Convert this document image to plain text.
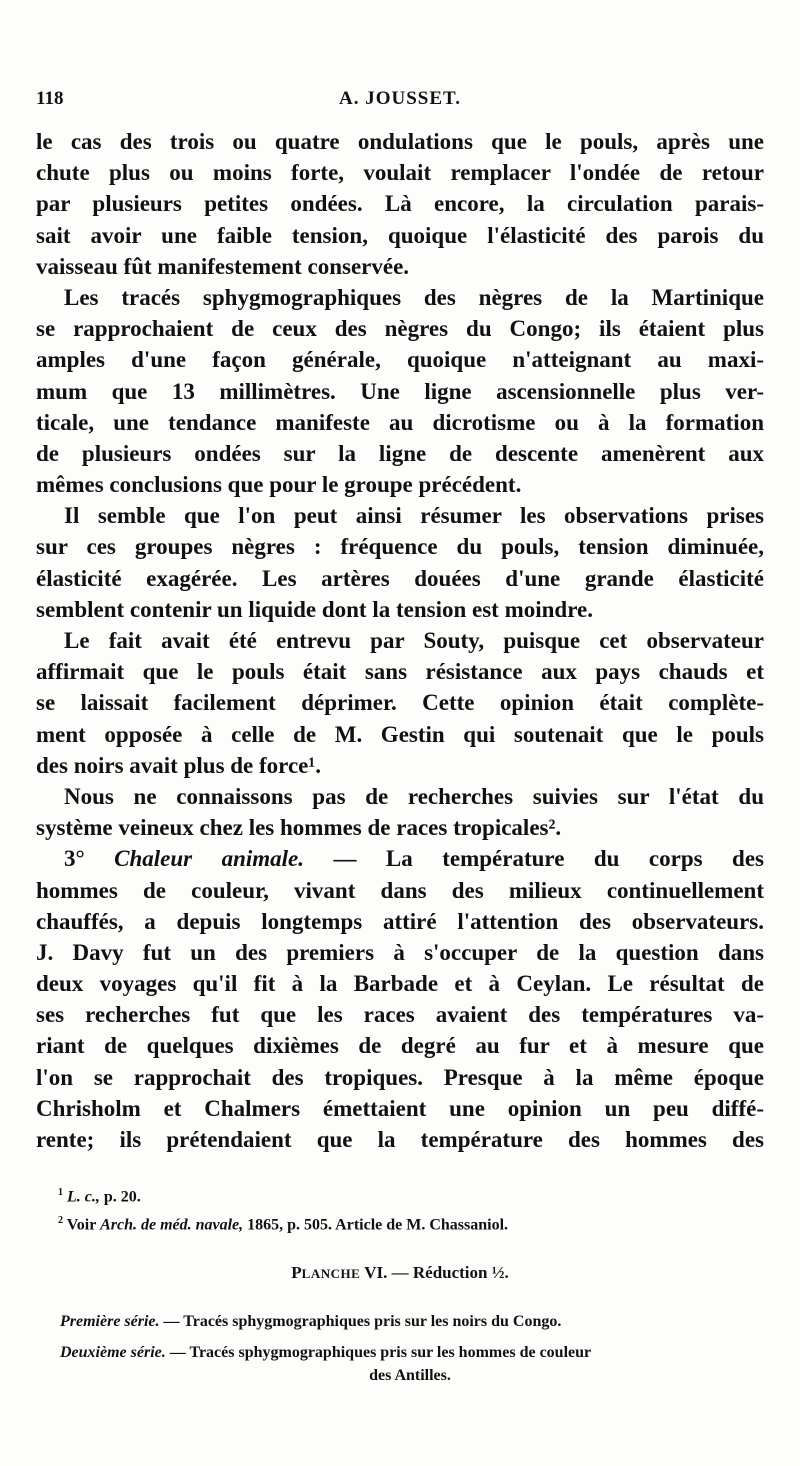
118	A. JOUSSET.
le cas des trois ou quatre ondulations que le pouls, après une
chute plus ou moins forte, voulait remplacer l'ondée de retour
par plusieurs petites ondées. Là encore, la circulation parais-
sait avoir une faible tension, quoique l'élasticité des parois du
vaisseau fût manifestement conservée.
Les tracés sphygmographiques des nègres de la Martinique
se rapprochaient de ceux des nègres du Congo; ils étaient plus
amples d'une façon générale, quoique n'atteignant au maxi-
mum que 13 millimètres. Une ligne ascensionnelle plus ver-
ticale, une tendance manifeste au dicrotisme ou à la formation
de plusieurs ondées sur la ligne de descente amenèrent aux
mêmes conclusions que pour le groupe précédent.
Il semble que l'on peut ainsi résumer les observations prises
sur ces groupes nègres : fréquence du pouls, tension diminuée,
élasticité exagérée. Les artères douées d'une grande élasticité
semblent contenir un liquide dont la tension est moindre.
Le fait avait été entrevu par Souty, puisque cet observateur
affirmait que le pouls était sans résistance aux pays chauds et
se laissait facilement déprimer. Cette opinion était complète-
ment opposée à celle de M. Gestin qui soutenait que le pouls
des noirs avait plus de force¹.
Nous ne connaissons pas de recherches suivies sur l'état du
système veineux chez les hommes de races tropicales².
3° Chaleur animale. — La température du corps des
hommes de couleur, vivant dans des milieux continuellement
chauffés, a depuis longtemps attiré l'attention des observateurs.
J. Davy fut un des premiers à s'occuper de la question dans
deux voyages qu'il fit à la Barbade et à Ceylan. Le résultat de
ses recherches fut que les races avaient des températures va-
riant de quelques dixièmes de degré au fur et à mesure que
l'on se rapprochait des tropiques. Presque à la même époque
Chrisholm et Chalmers émettaient une opinion un peu diffé-
rente; ils prétendaient que la température des hommes des
$^1$ L. c., p. 20.
$^2$ Voir Arch. de méd. navale, 1865, p. 505. Article de M. Chassaniol.
PLANCHE VI. — Réduction ½.
Première série. — Tracés sphygmographiques pris sur les noirs du Congo.
Deuxième série. — Tracés sphygmographiques pris sur les hommes de couleur
des Antilles.
